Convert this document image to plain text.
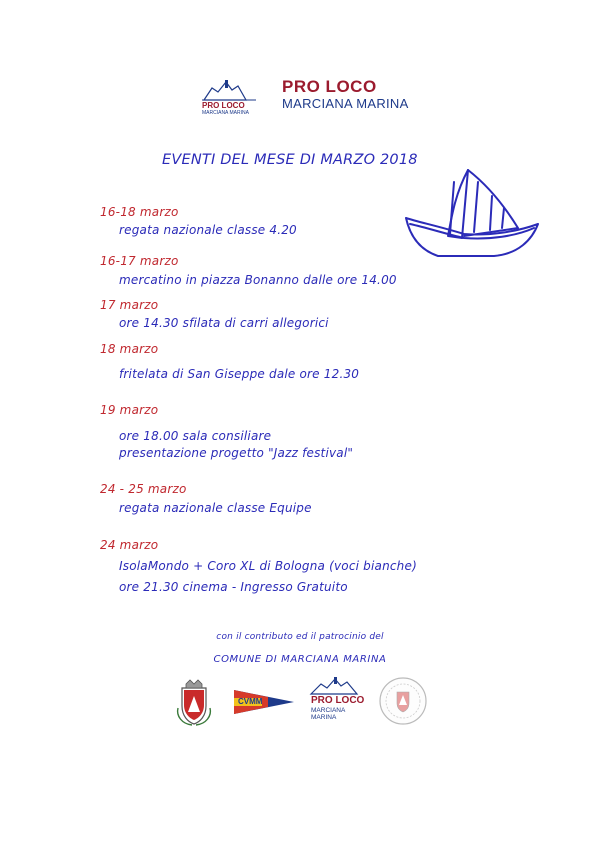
PRO LOCO
MARCIANA MARINA
PRO LOCO
MARCIANA MARINA
EVENTI DEL MESE DI MARZO 2018
16-18 marzo
regata nazionale classe 4.20
16-17 marzo
mercatino in piazza Bonanno dalle ore 14.00
17 marzo
ore 14.30 sfilata di carri allegorici
18 marzo
fritelata di San Giseppe dale ore 12.30
19 marzo
ore 18.00 sala consiliare
presentazione progetto "Jazz festival"
24 - 25 marzo
regata nazionale classe Equipe
24 marzo
IsolaMondo + Coro XL di Bologna (voci bianche)
ore 21.30 cinema - Ingresso Gratuito
con il contributo ed il patrocinio del
COMUNE DI MARCIANA MARINA
CVMM	PRO LOCO
MARCIANA MARINA
